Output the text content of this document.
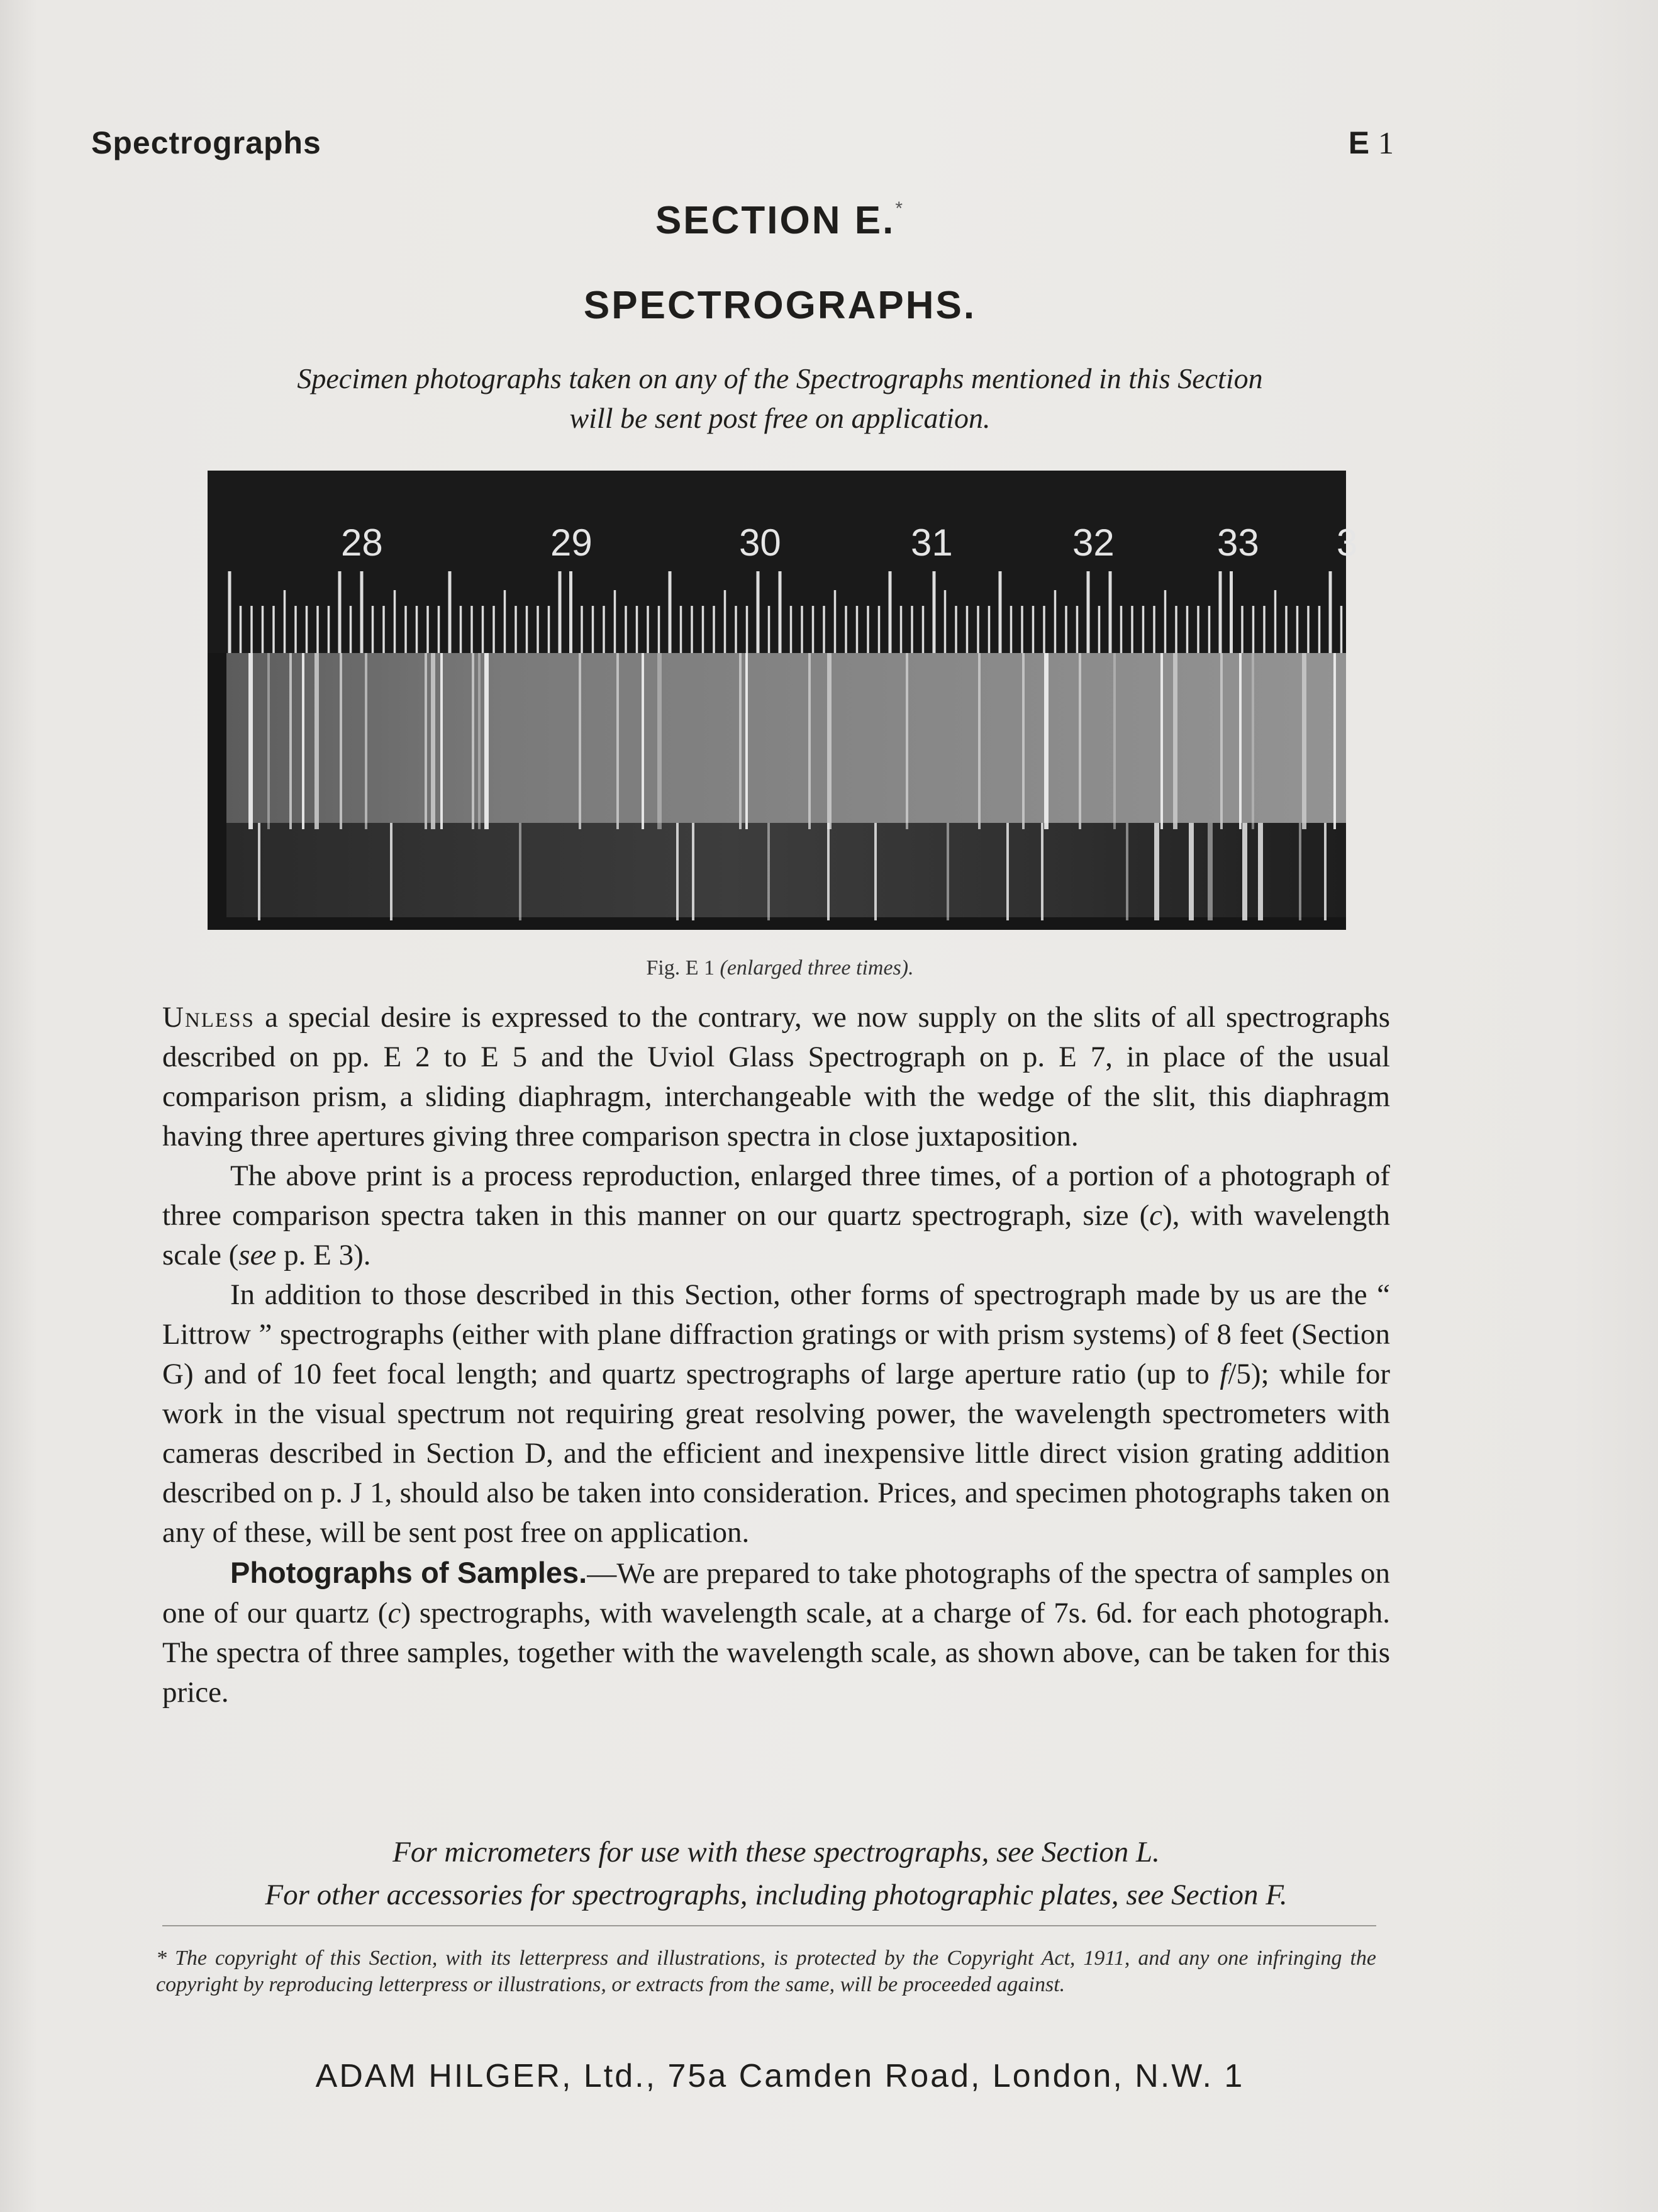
Spectrographs	E 1
SECTION E.*
SPECTROGRAPHS.
Specimen photographs taken on any of the Spectrographs mentioned in this Section
will be sent post free on application.
28	29	30	31	32	33 3
Fig. E 1 (enlarged three times).

Unless a special desire is expressed to the contrary, we now supply on the slits of all spectrographs described on pp. E 2 to E 5 and the Uviol Glass Spectrograph on p. E 7, in place of the usual comparison prism, a sliding diaphragm, interchangeable with the wedge of the slit, this diaphragm having three apertures giving three comparison spectra in close juxtaposition.

The above print is a process reproduction, enlarged three times, of a portion of a photograph of three comparison spectra taken in this manner on our quartz spectrograph, size (c), with wavelength scale (see p. E 3).

In addition to those described in this Section, other forms of spectrograph made by us are the “ Littrow ” spectrographs (either with plane diffraction gratings or with prism systems) of 8 feet (Section G) and of 10 feet focal length; and quartz spectrographs of large aperture ratio (up to f/5); while for work in the visual spectrum not requiring great resolving power, the wavelength spectrometers with cameras described in Section D, and the efficient and inexpensive little direct vision grating addition described on p. J 1, should also be taken into consideration. Prices, and specimen photographs taken on any of these, will be sent post free on application.

Photographs of Samples.—We are prepared to take photographs of the spectra of samples on one of our quartz (c) spectrographs, with wavelength scale, at a charge of 7s. 6d. for each photograph. The spectra of three samples, together with the wavelength scale, as shown above, can be taken for this price.

For micrometers for use with these spectrographs, see Section L.
For other accessories for spectrographs, including photographic plates, see Section F.
* The copyright of this Section, with its letterpress and illustrations, is protected by the Copyright Act, 1911, and any one infringing the copyright by reproducing letterpress or illustrations, or extracts from the same, will be proceeded against.
ADAM HILGER, Ltd., 75a Camden Road, London, N.W. 1
